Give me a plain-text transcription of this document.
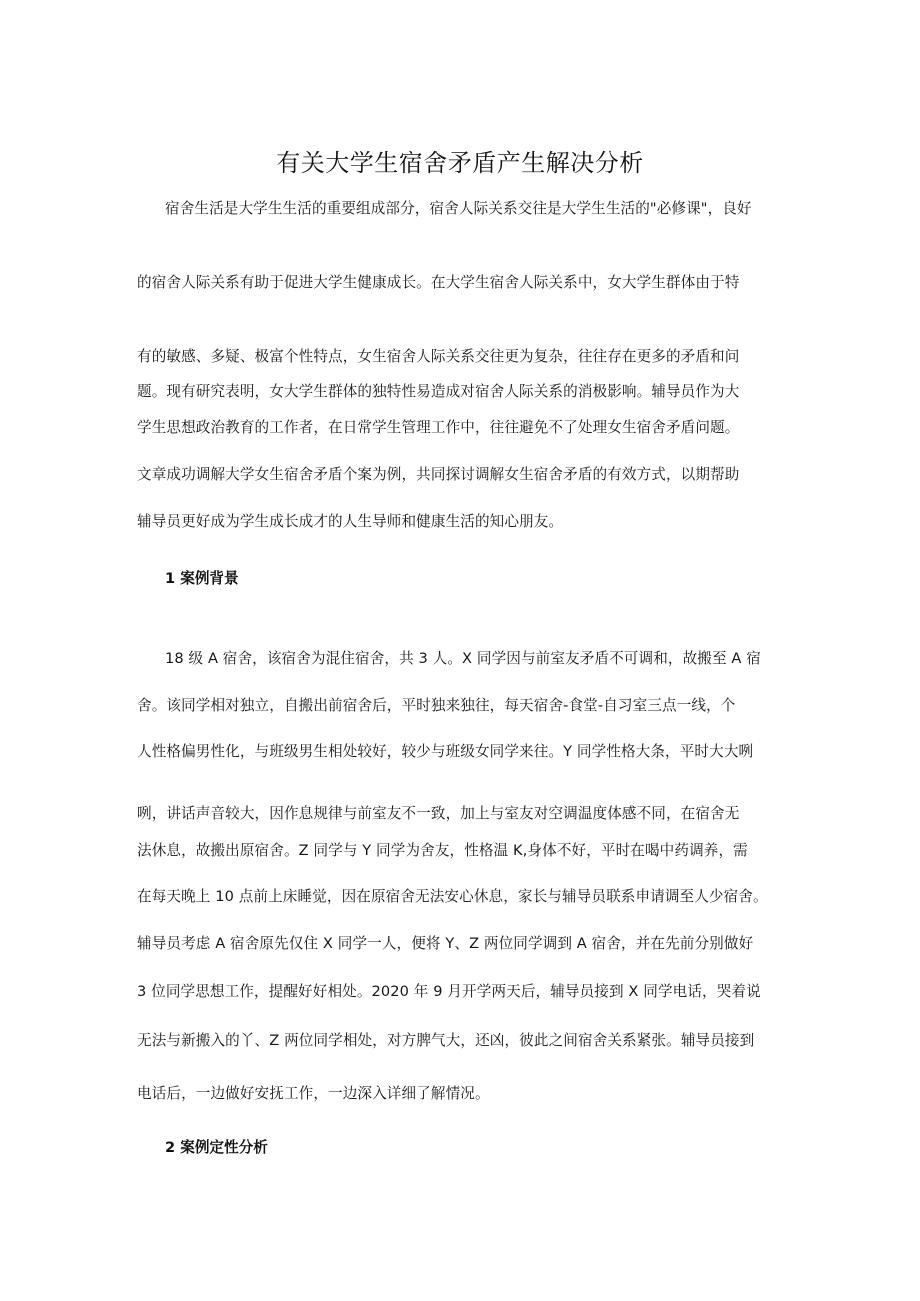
有关大学生宿舍矛盾产生解决分析
宿舍生活是大学生生活的重要组成部分，宿舍人际关系交往是大学生生活的"必修课"，良好
的宿舍人际关系有助于促进大学生健康成长。在大学生宿舍人际关系中，女大学生群体由于特
有的敏感、多疑、极富个性特点，女生宿舍人际关系交往更为复杂，往往存在更多的矛盾和问
题。现有研究表明，女大学生群体的独特性易造成对宿舍人际关系的消极影响。辅导员作为大
学生思想政治教育的工作者，在日常学生管理工作中，往往避免不了处理女生宿舍矛盾问题。
文章成功调解大学女生宿舍矛盾个案为例，共同探讨调解女生宿舍矛盾的有效方式，以期帮助
辅导员更好成为学生成长成才的人生导师和健康生活的知心朋友。
1 案例背景
18 级 A 宿舍，该宿舍为混住宿舍，共 3 人。X 同学因与前室友矛盾不可调和，故搬至 A 宿
舍。该同学相对独立，自搬出前宿舍后，平时独来独往，每天宿舍-食堂-自习室三点一线，个
人性格偏男性化，与班级男生相处较好，较少与班级女同学来往。Y 同学性格大条，平时大大咧
咧，讲话声音较大，因作息规律与前室友不一致，加上与室友对空调温度体感不同，在宿舍无
法休息，故搬出原宿舍。Z 同学与 Y 同学为舍友，性格温 K,身体不好，平时在喝中药调养，需
在每天晚上 10 点前上床睡觉，因在原宿舍无法安心休息，家长与辅导员联系申请调至人少宿舍。
辅导员考虑 A 宿舍原先仅住 X 同学一人，便将 Y、Z 两位同学调到 A 宿舍，并在先前分别做好
3 位同学思想工作，提醒好好相处。2020 年 9 月开学两天后，辅导员接到 X 同学电话，哭着说
无法与新搬入的丫、Z 两位同学相处，对方脾气大，还凶，彼此之间宿舍关系紧张。辅导员接到
电话后，一边做好安抚工作，一边深入详细了解情况。
2 案例定性分析
